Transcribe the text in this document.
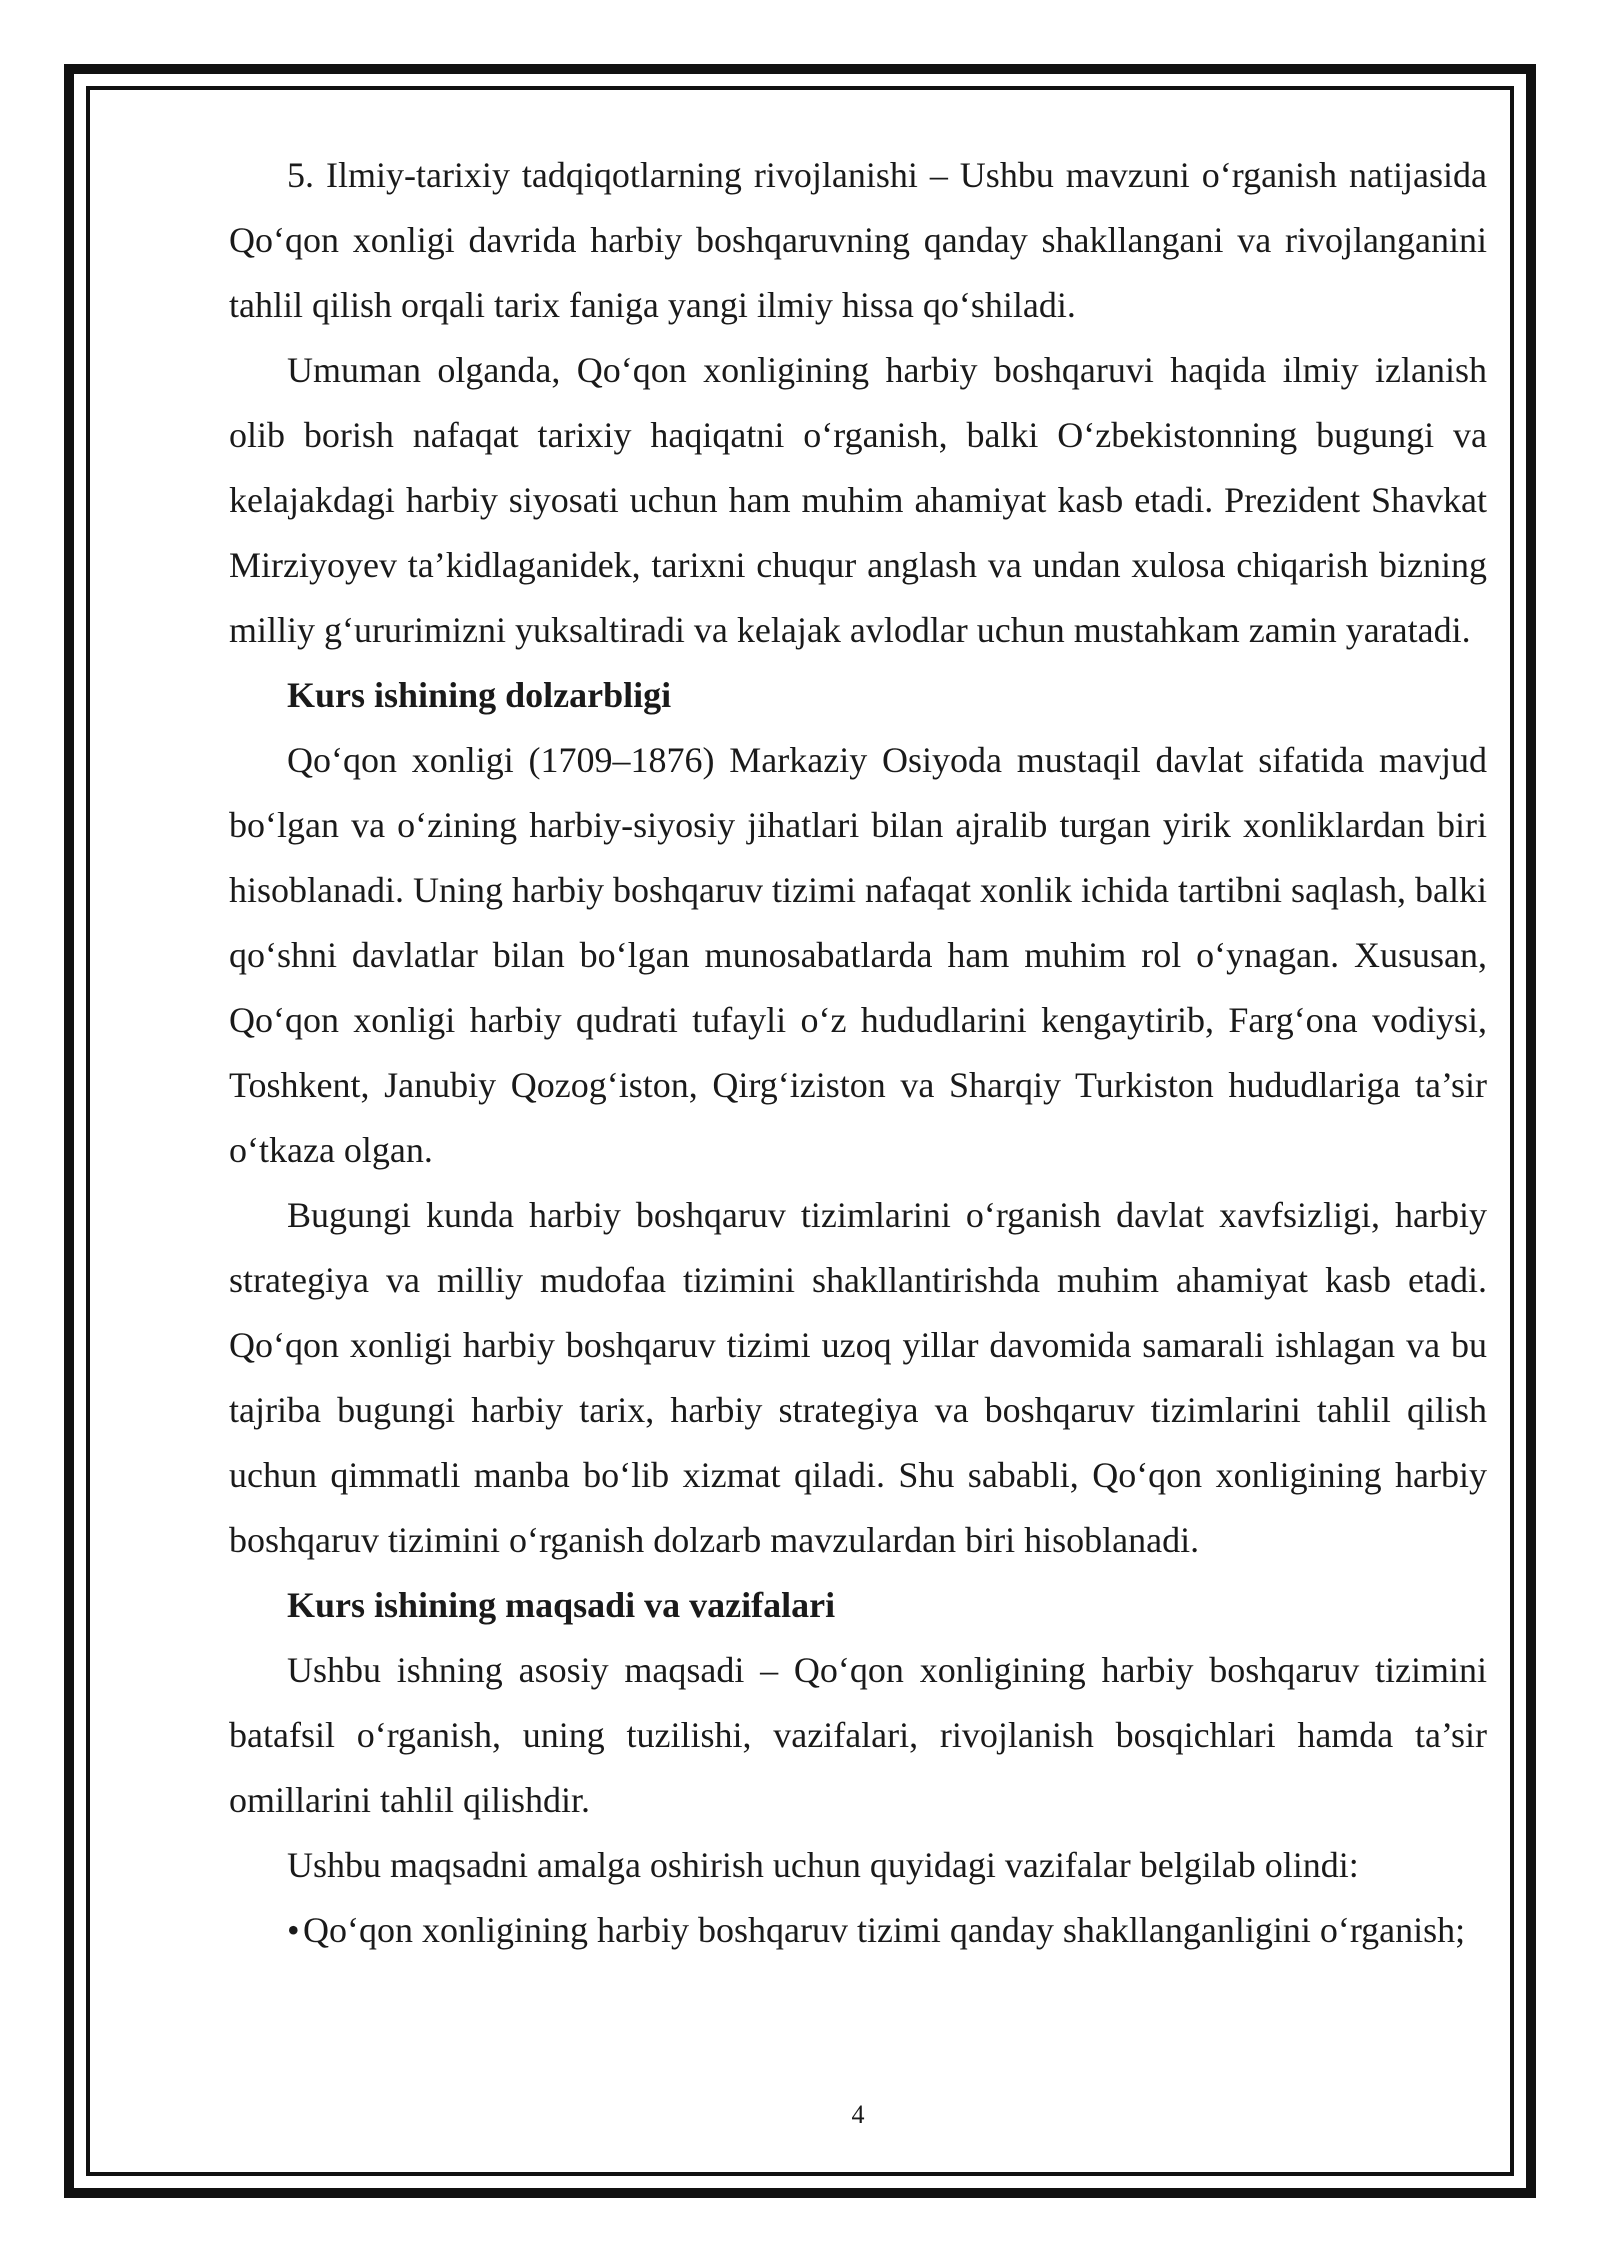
5. Ilmiy-tarixiy tadqiqotlarning rivojlanishi – Ushbu mavzuni o‘rganish natijasida Qo‘qon xonligi davrida harbiy boshqaruvning qanday shakllangani va rivojlanganini tahlil qilish orqali tarix faniga yangi ilmiy hissa qo‘shiladi.

Umuman olganda, Qo‘qon xonligining harbiy boshqaruvi haqida ilmiy izlanish olib borish nafaqat tarixiy haqiqatni o‘rganish, balki O‘zbekistonning bugungi va kelajakdagi harbiy siyosati uchun ham muhim ahamiyat kasb etadi. Prezident Shavkat Mirziyoyev ta’kidlaganidek, tarixni chuqur anglash va undan xulosa chiqarish bizning milliy g‘ururimizni yuksaltiradi va kelajak avlodlar uchun mustahkam zamin yaratadi.

Kurs ishining dolzarbligi

Qo‘qon xonligi (1709–1876) Markaziy Osiyoda mustaqil davlat sifatida mavjud bo‘lgan va o‘zining harbiy-siyosiy jihatlari bilan ajralib turgan yirik xonliklardan biri hisoblanadi. Uning harbiy boshqaruv tizimi nafaqat xonlik ichida tartibni saqlash, balki qo‘shni davlatlar bilan bo‘lgan munosabatlarda ham muhim rol o‘ynagan. Xususan, Qo‘qon xonligi harbiy qudrati tufayli o‘z hududlarini kengaytirib, Farg‘ona vodiysi, Toshkent, Janubiy Qozog‘iston, Qirg‘iziston va Sharqiy Turkiston hududlariga ta’sir o‘tkaza olgan.

Bugungi kunda harbiy boshqaruv tizimlarini o‘rganish davlat xavfsizligi, harbiy strategiya va milliy mudofaa tizimini shakllantirishda muhim ahamiyat kasb etadi. Qo‘qon xonligi harbiy boshqaruv tizimi uzoq yillar davomida samarali ishlagan va bu tajriba bugungi harbiy tarix, harbiy strategiya va boshqaruv tizimlarini tahlil qilish uchun qimmatli manba bo‘lib xizmat qiladi. Shu sababli, Qo‘qon xonligining harbiy boshqaruv tizimini o‘rganish dolzarb mavzulardan biri hisoblanadi.

Kurs ishining maqsadi va vazifalari

Ushbu ishning asosiy maqsadi – Qo‘qon xonligining harbiy boshqaruv tizimini batafsil o‘rganish, uning tuzilishi, vazifalari, rivojlanish bosqichlari hamda ta’sir omillarini tahlil qilishdir.

Ushbu maqsadni amalga oshirish uchun quyidagi vazifalar belgilab olindi:

•Qo‘qon xonligining harbiy boshqaruv tizimi qanday shakllanganligini o‘rganish;

4
